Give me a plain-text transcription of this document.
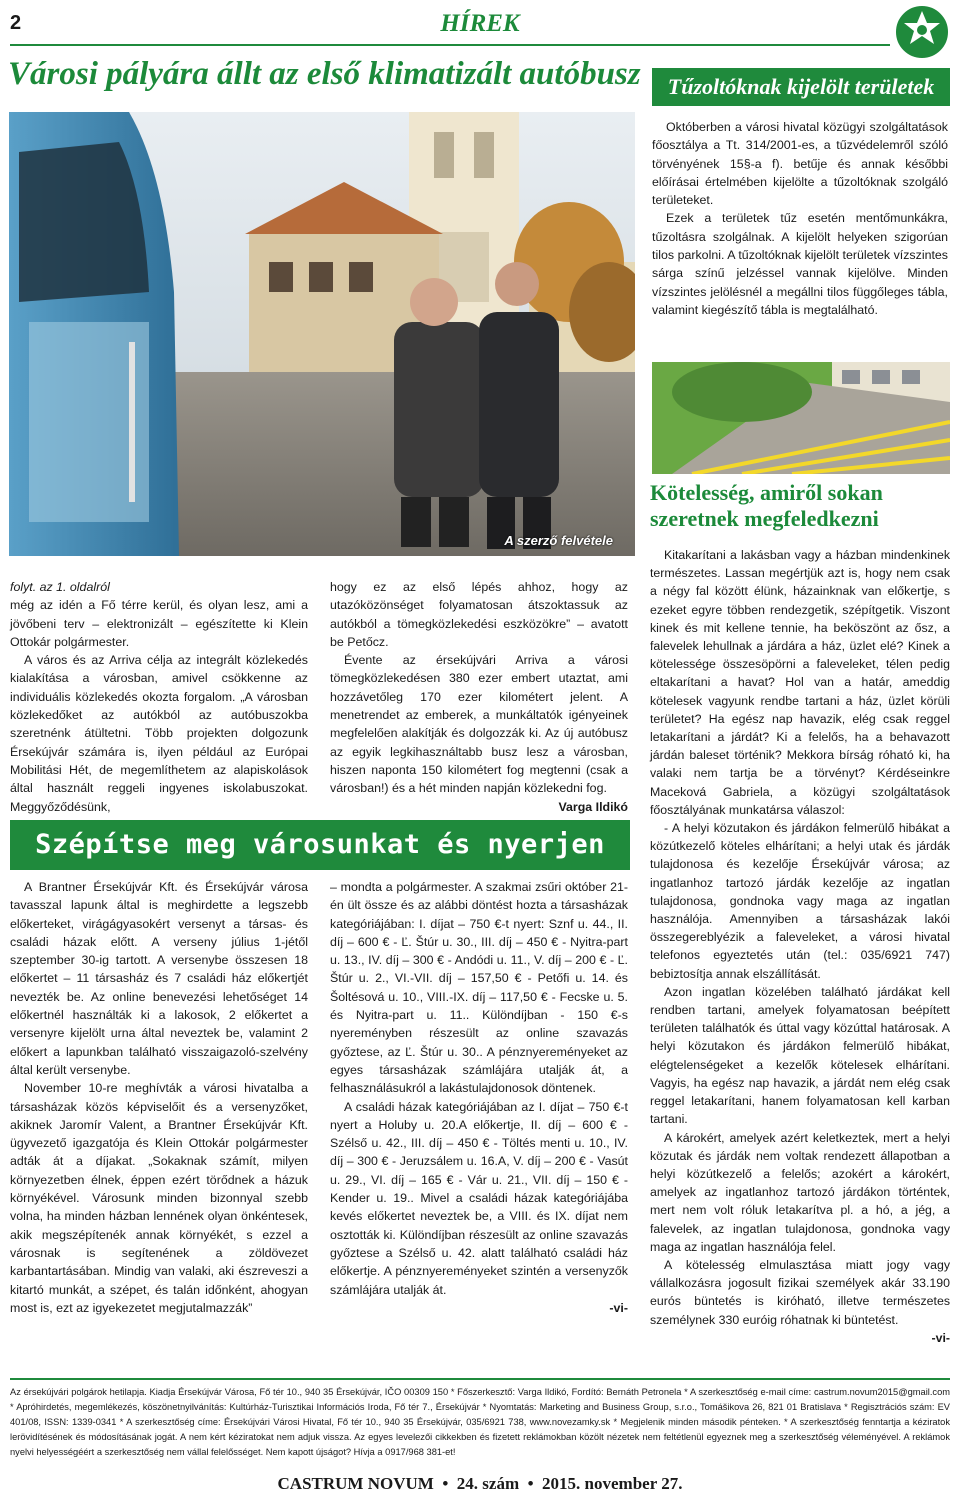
2	HÍREK
Városi pályára állt az első klimatizált autóbusz	Tűzoltóknak kijelölt területek
A szerző felvétele

Októberben a városi hivatal közügyi szolgáltatások főosztálya a Tt. 314/2001-es, a tűzvédelemről szóló törvényének 15§-a f). betűje és annak későbbi előírásai értelmében kijelölte a tűzoltóknak szolgáló területeket.

Ezek a területek tűz esetén mentőmunkákra, tűzoltásra szolgálnak. A kijelölt helyeken szigorúan tilos parkolni. A tűzoltóknak kijelölt területek vízszintes sárga színű jelzéssel vannak kijelölve. Minden vízszintes jelölésnél a megállni tilos függőleges tábla, valamint kiegészítő tábla is megtalálható.

Kötelesség, amiről sokan szeretnek megfeledkezni

Kitakarítani a lakásban vagy a házban mindenkinek természetes. Lassan megértjük azt is, hogy nem csak a négy fal között élünk, házainknak van előkertje, s ezeket egyre többen rendezgetik, szépítgetik. Viszont kinek és mit kellene tennie, ha beköszönt az ősz, a falevelek lehullnak a járdára a ház, üzlet elé? Kinek a kötelessége összesöpörni a faleveleket, télen pedig eltakarítani a havat? Hol van a határ, ameddig kötelesek vagyunk rendbe tartani a ház, üzlet körüli területet? Ha egész nap havazik, elég csak reggel letakarítani a járdát? Ki a felelős, ha a behavazott járdán baleset történik? Mekkora bírság róható ki, ha valaki nem tartja be a törvényt? Kérdéseinkre Maceková Gabriela, a közügyi szolgáltatások főosztályának munkatársa válaszol:

- A helyi közutakon és járdákon felmerülő hibákat a közútkezelő köteles elhárítani; a helyi utak és járdák tulajdonosa és kezelője Érsekújvár városa; az ingatlanhoz tartozó járdák kezelője az ingatlan tulajdonosa, gondnoka vagy maga az ingatlan használója. Amennyiben a társasházak lakói összegereblyézik a faleveleket, a városi hivatal telefonos egyeztetés után (tel.: 035/6921 747) bebiztosítja annak elszállítását.

Azon ingatlan közelében található járdákat kell rendben tartani, amelyek folyamatosan beépített területen találhatók és úttal vagy közúttal határosak. A helyi közutakon és járdákon felmerülő hibákat, elégtelenségeket a kezelők kötelesek elhárítani. Vagyis, ha egész nap havazik, a járdát nem elég csak reggel letakarítani, hanem folyamatosan kell karban tartani.

A károkért, amelyek azért keletkeztek, mert a helyi közutak és járdák nem voltak rendezett állapotban a helyi közútkezelő a felelős; azokért a károkért, amelyek az ingatlanhoz tartozó járdákon történtek, mert nem volt róluk letakarítva pl. a hó, a jég, a falevelek, az ingatlan tulajdonosa, gondnoka vagy maga az ingatlan használója felel.

A kötelesség elmulasztása miatt jogy vagy vállalkozásra jogosult fizikai személyek akár 33.190 eurós büntetés is kiróható, illetve természetes személynek 330 euróig róhatnak ki büntetést.

-vi-

folyt. az 1. oldalról

még az idén a Fő térre kerül, és olyan lesz, ami a jövőbeni terv – elektronizált – egészítette ki Klein Ottokár polgármester.

A város és az Arriva célja az integrált közlekedés kialakítása a városban, amivel csökkenne az individuális közlekedés okozta forgalom. „A városban közlekedőket az autókból az autóbuszokba szeretnénk átültetni. Több projekten dolgozunk Érsekújvár számára is, ilyen például az Európai Mobilitási Hét, de megemlíthetem az alapiskolások által használt reggeli ingyenes iskolabuszokat. Meggyőződésünk,

hogy ez az első lépés ahhoz, hogy az utazóközönséget folyamatosan átszoktassuk az autókból a tömegközlekedési eszközökre” – avatott be Petőcz.

Évente az érsekújvári Arriva a városi tömegközlekedésen 380 ezer embert utaztat, ami hozzávetőleg 170 ezer kilométert jelent. A menetrendet az emberek, a munkáltatók igényeinek megfelelően alakítják és dolgozzák ki. Az új autóbusz az egyik legkihasználtabb busz lesz a városban, hiszen naponta 150 kilométert fog megtenni (csak a városban!) és a hét minden napján közlekedni fog.

Varga Ildikó

Szépítse meg városunkat és nyerjen

A Brantner Érsekújvár Kft. és Érsekújvár városa tavasszal lapunk által is meghirdette a legszebb előkerteket, virágágyasokért versenyt a társas- és családi házak előtt. A verseny július 1-jétől szeptember 30-ig tartott. A versenybe összesen 18 előkertet – 11 társasház és 7 családi ház előkertjét nevezték be. Az online benevezési lehetőséget 14 előkertnél használták ki a lakosok, 2 előkertet a versenyre kijelölt urna által neveztek be, valamint 2 előkert a lapunkban található visszaigazoló-szelvény által került versenybe.

November 10-re meghívták a városi hivatalba a társasházak közös képviselőit és a versenyzőket, akiknek Jaromír Valent, a Brantner Érsekújvár Kft. ügyvezető igazgatója és Klein Ottokár polgármester adták át a díjakat. „Sokaknak számít, milyen környezetben élnek, éppen ezért törődnek a házuk környékével. Városunk minden bizonnyal szebb volna, ha minden házban lennének olyan önkéntesek, akik megszépítenék annak környékét, s ezzel a városnak is segítenének a zöldövezet karbantartásában. Mindig van valaki, aki észreveszi a kitartó munkát, a szépet, és talán időnként, ahogyan most is, ezt az igyekezetet megjutalmazzák”

– mondta a polgármester. A szakmai zsűri október 21-én ült össze és az alábbi döntést hozta a társasházak kategóriájában: I. díjat – 750 €-t nyert: Sznf u. 44., II. díj – 600 € - Ľ. Štúr u. 30., III. díj – 450 € - Nyitra-part u. 13., IV. díj – 300 € - Andódi u. 11., V. díj – 200 € - Ľ. Štúr u. 2., VI.-VII. díj – 157,50 € - Petőfi u. 14. és Šoltésová u. 10., VIII.-IX. díj – 117,50 € - Fecske u. 5. és Nyitra-part u. 11.. Különdíjban - 150 €-s nyereményben részesült az online szavazás győztese, az Ľ. Štúr u. 30.. A pénznyereményeket az egyes társasházak számlájára utalják át, a felhasználásukról a lakástulajdonosok döntenek.

A családi házak kategóriájában az I. díjat – 750 €-t nyert a Holuby u. 20.A előkertje, II. díj – 600 € - Szélső u. 42., III. díj – 450 € - Töltés menti u. 10., IV. díj – 300 € - Jeruzsálem u. 16.A, V. díj – 200 € - Vasút u. 29., VI. díj – 165 € - Vár u. 21., VII. díj – 150 € - Kender u. 19.. Mivel a családi házak kategóriájába kevés előkertet neveztek be, a VIII. és IX. díjat nem osztották ki. Különdíjban részesült az online szavazás győztese a Szélső u. 42. alatt található családi ház előkertje. A pénznyereményeket szintén a versenyzők számlájára utalják át.

-vi-

Az érsekújvári polgárok hetilapja. Kiadja Érsekújvár Városa, Fő tér 10., 940 35 Érsekújvár, IČO 00309 150 * Főszerkesztő: Varga Ildikó, Fordító: Bernáth Petronela * A szerkesztőség e-mail címe: castrum.novum2015@gmail.com * Apróhirdetés, megemlékezés, köszönetnyilvánítás: Kultúrház-Turisztikai Információs Iroda, Fő tér 7., Érsekújvár * Nyomtatás: Marketing and Business Group, s.r.o., Tomášikova 26, 821 01 Bratislava * Regisztrációs szám: EV 401/08, ISSN: 1339-0341 * A szerkesztőség címe: Érsekújvári Városi Hivatal, Fő tér 10., 940 35 Érsekújvár, 035/6921 738, www.novezamky.sk * Megjelenik minden második pénteken. * A szerkesztőség fenntartja a kéziratok lerövidítésének és módosításának jogát. A nem kért kéziratokat nem adjuk vissza. Az egyes levelezői cikkekben és fizetett reklámokban közölt nézetek nem feltétlenül egyeznek meg a szerkesztőség véleményével. A reklámok nyelvi helyességéért a szerkesztőség nem vállal felelősséget. Nem kapott újságot? Hívja a 0917/968 381-et!
CASTRUM NOVUM  •  24. szám  •  2015. november 27.
